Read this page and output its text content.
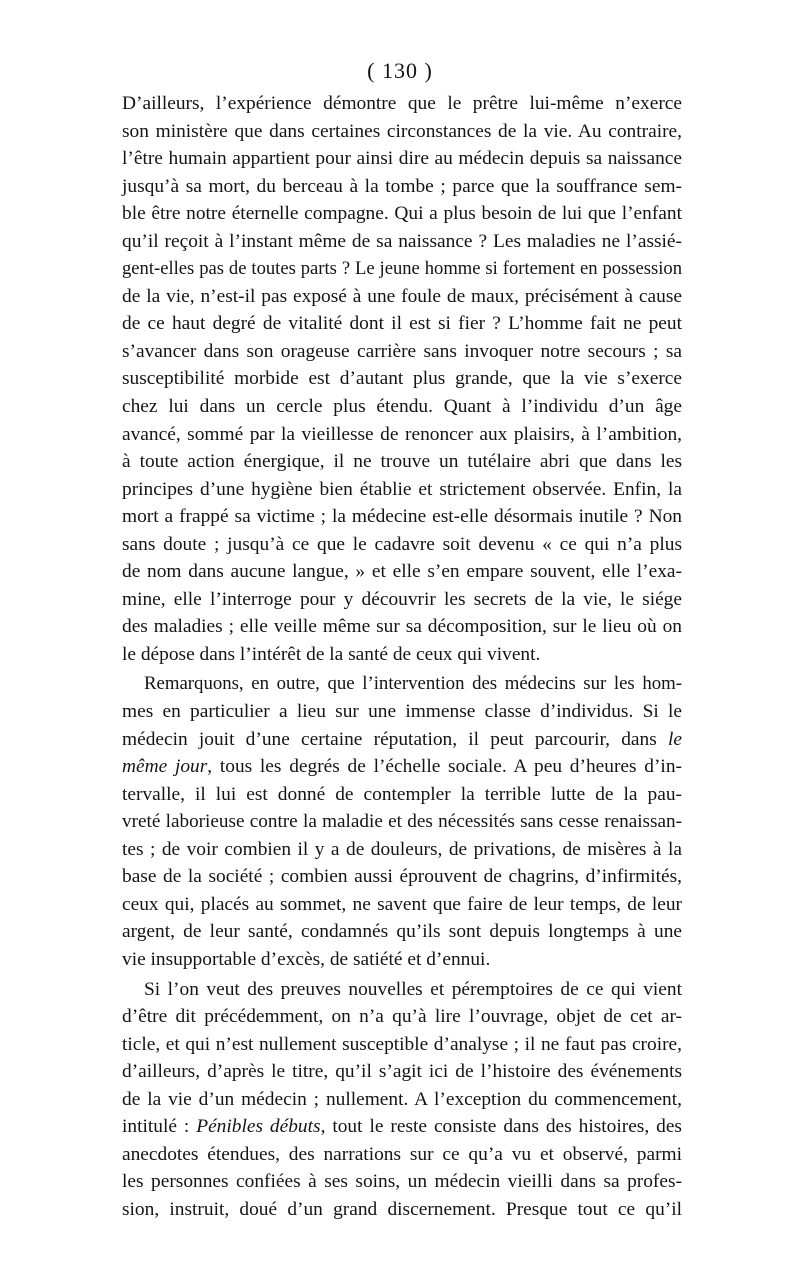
( 130 )
D’ailleurs, l’expérience démontre que le prêtre lui-même n’exerce
son ministère que dans certaines circonstances de la vie. Au contraire,
l’être humain appartient pour ainsi dire au médecin depuis sa naissance
jusqu’à sa mort, du berceau à la tombe ; parce que la souffrance sem-
ble être notre éternelle compagne. Qui a plus besoin de lui que l’enfant
qu’il reçoit à l’instant même de sa naissance ? Les maladies ne l’assié-
gent-elles pas de toutes parts ? Le jeune homme si fortement en possession
de la vie, n’est-il pas exposé à une foule de maux, précisément à cause
de ce haut degré de vitalité dont il est si fier ? L’homme fait ne peut
s’avancer dans son orageuse carrière sans invoquer notre secours ; sa
susceptibilité morbide est d’autant plus grande, que la vie s’exerce
chez lui dans un cercle plus étendu. Quant à l’individu d’un âge
avancé, sommé par la vieillesse de renoncer aux plaisirs, à l’ambition,
à toute action énergique, il ne trouve un tutélaire abri que dans les
principes d’une hygiène bien établie et strictement observée. Enfin, la
mort a frappé sa victime ; la médecine est-elle désormais inutile ? Non
sans doute ; jusqu’à ce que le cadavre soit devenu « ce qui n’a plus
de nom dans aucune langue, » et elle s’en empare souvent, elle l’exa-
mine, elle l’interroge pour y découvrir les secrets de la vie, le siége
des maladies ; elle veille même sur sa décomposition, sur le lieu où on
le dépose dans l’intérêt de la santé de ceux qui vivent.
Remarquons, en outre, que l’intervention des médecins sur les hom-
mes en particulier a lieu sur une immense classe d’individus. Si le
médecin jouit d’une certaine réputation, il peut parcourir, dans le
même jour, tous les degrés de l’échelle sociale. A peu d’heures d’in-
tervalle, il lui est donné de contempler la terrible lutte de la pau-
vreté laborieuse contre la maladie et des nécessités sans cesse renaissan-
tes ; de voir combien il y a de douleurs, de privations, de misères à la
base de la société ; combien aussi éprouvent de chagrins, d’infirmités,
ceux qui, placés au sommet, ne savent que faire de leur temps, de leur
argent, de leur santé, condamnés qu’ils sont depuis longtemps à une
vie insupportable d’excès, de satiété et d’ennui.
Si l’on veut des preuves nouvelles et péremptoires de ce qui vient
d’être dit précédemment, on n’a qu’à lire l’ouvrage, objet de cet ar-
ticle, et qui n’est nullement susceptible d’analyse ; il ne faut pas croire,
d’ailleurs, d’après le titre, qu’il s’agit ici de l’histoire des événements
de la vie d’un médecin ; nullement. A l’exception du commencement,
intitulé : Pénibles débuts, tout le reste consiste dans des histoires, des
anecdotes étendues, des narrations sur ce qu’a vu et observé, parmi
les personnes confiées à ses soins, un médecin vieilli dans sa profes-
sion, instruit, doué d’un grand discernement. Presque tout ce qu’il
